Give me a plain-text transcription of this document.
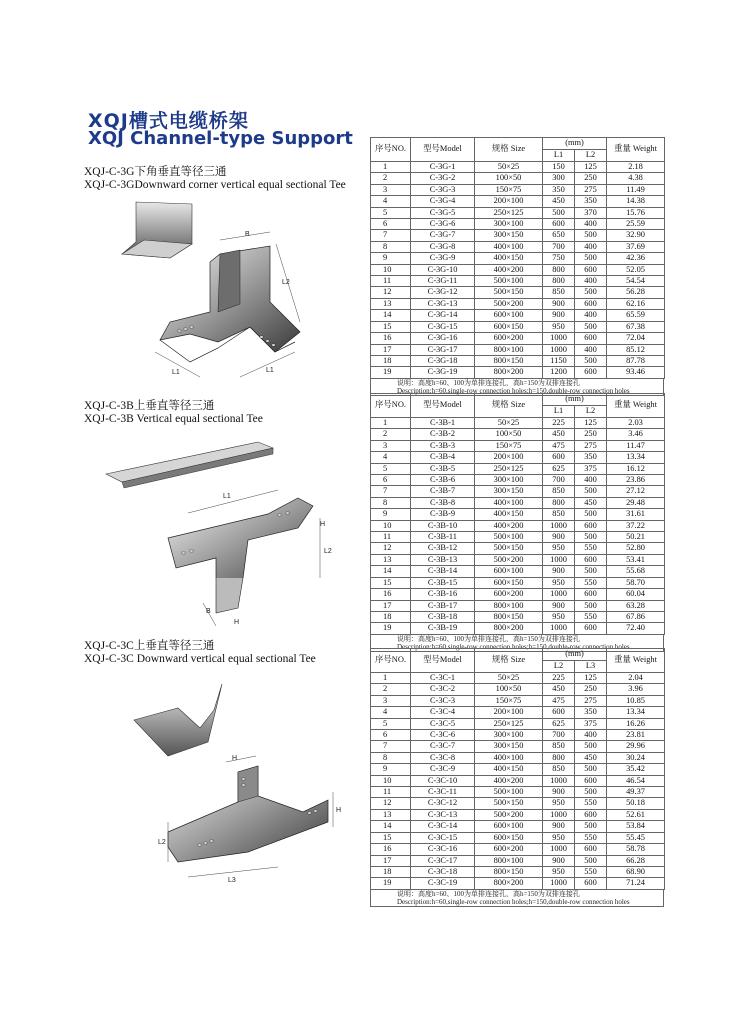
XQJ槽式电缆桥架
XQJ Channel-type Support
XQJ-C-3G下角垂直等径三通
XQJ-C-3GDownward corner vertical equal sectional Tee
XQJ-C-3B上垂直等径三通
XQJ-C-3B Vertical equal sectional Tee
XQJ-C-3C上垂直等径三通
XQJ-C-3C Downward vertical equal sectional Tee
序号NO.	型号Model	规格 Size	(mm)		重量 Weight
			L1	L2	
1	C-3G-1	50×25	150	125	2.18
2	C-3G-2	100×50	300	250	4.38
3	C-3G-3	150×75	350	275	11.49
4	C-3G-4	200×100	450	350	14.38
5	C-3G-5	250×125	500	370	15.76
6	C-3G-6	300×100	600	400	25.59
7	C-3G-7	300×150	650	500	32.90
8	C-3G-8	400×100	700	400	37.69
9	C-3G-9	400×150	750	500	42.36
10	C-3G-10	400×200	800	600	52.05
11	C-3G-11	500×100	800	400	54.54
12	C-3G-12	500×150	850	500	56.28
13	C-3G-13	500×200	900	600	62.16
14	C-3G-14	600×100	900	400	65.59
15	C-3G-15	600×150	950	500	67.38
16	C-3G-16	600×200	1000	600	72.04
17	C-3G-17	800×100	1000	400	85.12
18	C-3G-18	800×150	1150	500	87.78
19	C-3G-19	800×200	1200	600	93.46
说明：高度h=60、100为单排连接孔，高h=150为双排连接孔
Description:h=60,single-row connection holes;h=150,double-row connection holes
序号NO.	型号Model	规格 Size	(mm)		重量 Weight
			L1	L2	
1	C-3B-1	50×25	225	125	2.03
2	C-3B-2	100×50	450	250	3.46
3	C-3B-3	150×75	475	275	11.47
4	C-3B-4	200×100	600	350	13.34
5	C-3B-5	250×125	625	375	16.12
6	C-3B-6	300×100	700	400	23.86
7	C-3B-7	300×150	850	500	27.12
8	C-3B-8	400×100	800	450	29.48
9	C-3B-9	400×150	850	500	31.61
10	C-3B-10	400×200	1000	600	37.22
11	C-3B-11	500×100	900	500	50.21
12	C-3B-12	500×150	950	550	52.80
13	C-3B-13	500×200	1000	600	53.41
14	C-3B-14	600×100	900	500	55.68
15	C-3B-15	600×150	950	550	58.70
16	C-3B-16	600×200	1000	600	60.04
17	C-3B-17	800×100	900	500	63.28
18	C-3B-18	800×150	950	550	67.86
19	C-3B-19	800×200	1000	600	72.40
说明：高度h=60、100为单排连接孔，高h=150为双排连接孔
Description:h=60,single-row connection holes;h=150,double-row connection holes
序号NO.	型号Model	规格 Size	(mm)		重量 Weight
			L2	L3	
1	C-3C-1	50×25	225	125	2.04
2	C-3C-2	100×50	450	250	3.96
3	C-3C-3	150×75	475	275	10.85
4	C-3C-4	200×100	600	350	13.34
5	C-3C-5	250×125	625	375	16.26
6	C-3C-6	300×100	700	400	23.81
7	C-3C-7	300×150	850	500	29.96
8	C-3C-8	400×100	800	450	30.24
9	C-3C-9	400×150	850	500	35.42
10	C-3C-10	400×200	1000	600	46.54
11	C-3C-11	500×100	900	500	49.37
12	C-3C-12	500×150	950	550	50.18
13	C-3C-13	500×200	1000	600	52.61
14	C-3C-14	600×100	900	500	53.84
15	C-3C-15	600×150	950	550	55.45
16	C-3C-16	600×200	1000	600	58.78
17	C-3C-17	800×100	900	500	66.28
18	C-3C-18	800×150	950	550	68.90
19	C-3C-19	800×200	1000	600	71.24
说明：高度h=60、100为单排连接孔，高h=150为双排连接孔
Description:h=60,single-row connection holes;h=150,double-row connection holes
L2
L1	L1
B
L1
L2
H
B
H
L2
L3
H
H
